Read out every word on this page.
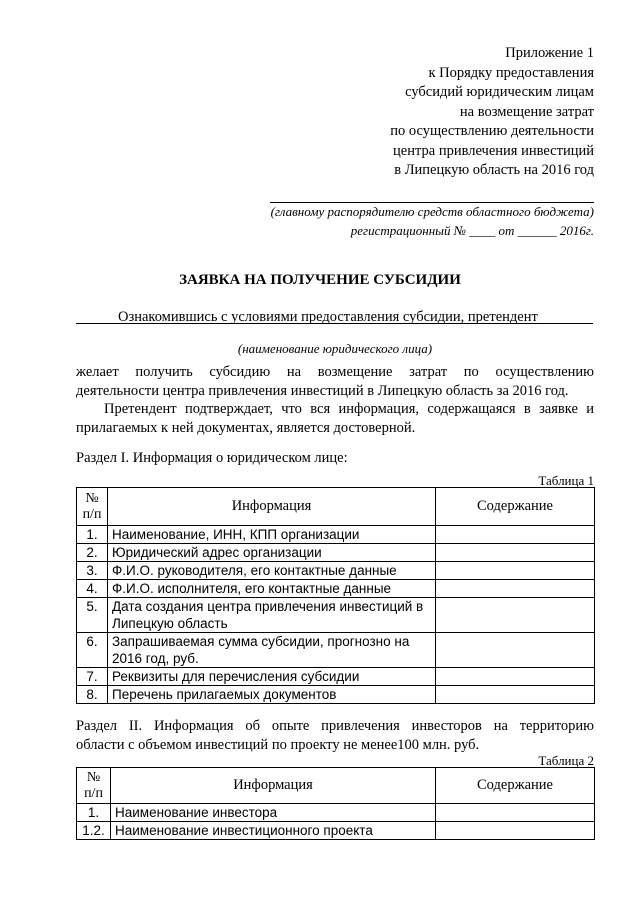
Приложение 1
к Порядку предоставления
субсидий юридическим лицам
на возмещение затрат
по осуществлению деятельности
центра привлечения инвестиций
в Липецкую область на 2016 год
(главному распорядителю средств областного бюджета)
регистрационный № ____ от ______ 2016г.
ЗАЯВКА НА ПОЛУЧЕНИЕ СУБСИДИИ
Ознакомившись с условиями предоставления субсидии, претендент
(наименование юридического лица)
желает получить субсидию на возмещение затрат по осуществлению
деятельности центра привлечения инвестиций в Липецкую область за 2016 год.
Претендент подтверждает, что вся информация, содержащаяся в заявке и
прилагаемых к ней документах, является достоверной.
Раздел I. Информация о юридическом лице:
Таблица 1
№ п/п	Информация	Содержание
1.	Наименование, ИНН, КПП организации	
2.	Юридический адрес организации	
3.	Ф.И.О. руководителя, его контактные данные	
4.	Ф.И.О. исполнителя, его контактные данные	
5.	Дата создания центра привлечения инвестиций в Липецкую область	
6.	Запрашиваемая сумма субсидии, прогнозно на 2016 год, руб.	
7.	Реквизиты для перечисления субсидии	
8.	Перечень прилагаемых документов	
Раздел II. Информация об опыте привлечения инвесторов на территорию
области с объемом инвестиций по проекту не менее100 млн. руб.
Таблица 2
№ п/п	Информация	Содержание
1.	Наименование инвестора	
1.2.	Наименование инвестиционного проекта	
